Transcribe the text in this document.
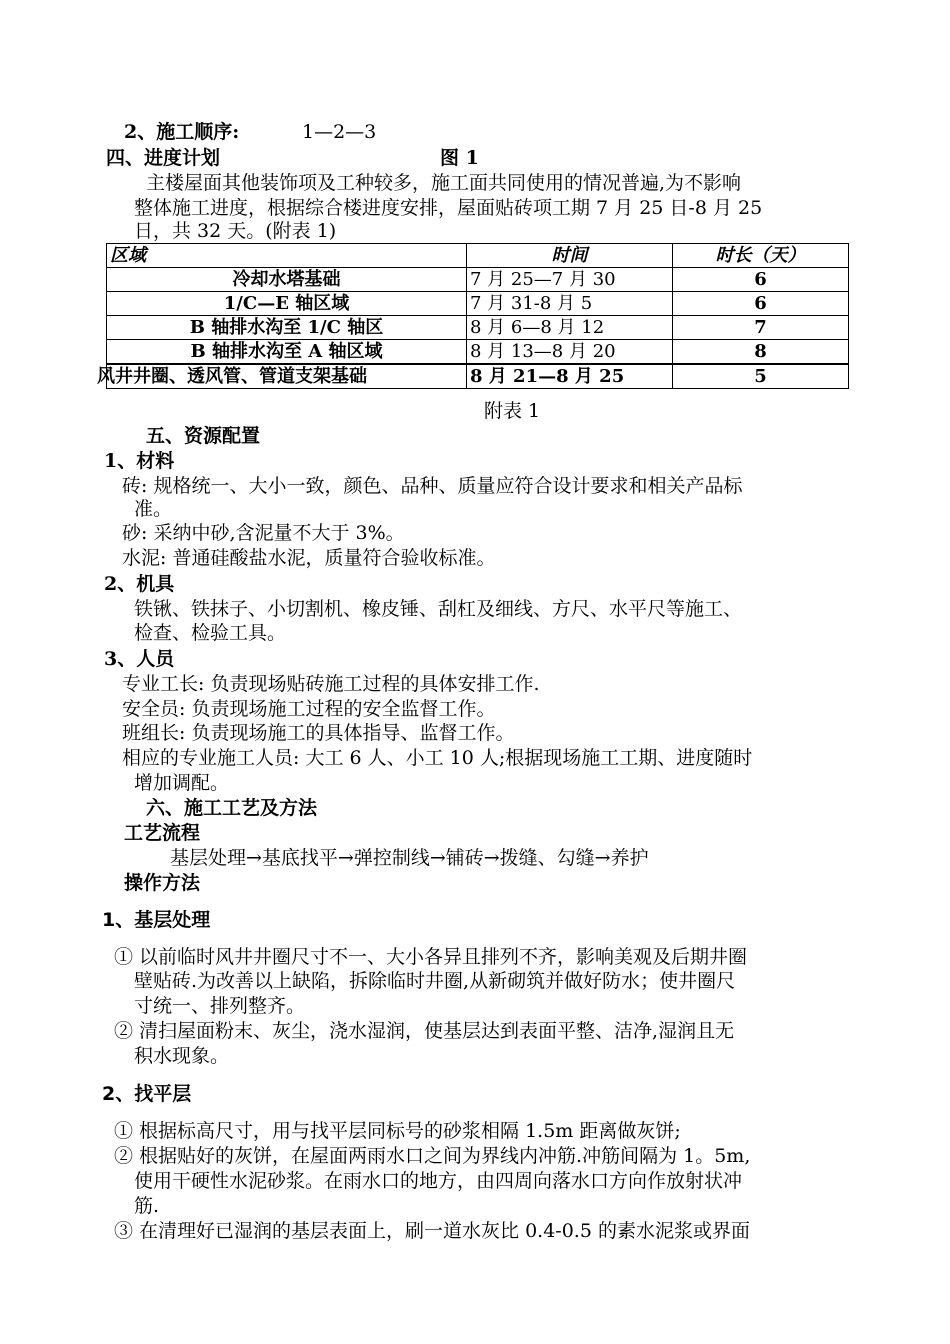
2、施工顺序:	1—2—3
四、进度计划	图 1
主楼屋面其他装饰项及工种较多，施工面共同使用的情况普遍,为不影响
整体施工进度，根据综合楼进度安排，屋面贴砖项工期 7 月 25 日-8 月 25
日，共 32 天。(附表 1)
区域	时间	时长（天）
冷却水塔基础	7 月 25—7 月 30	6
1/C—E 轴区域	7 月 31-8 月 5	6
B 轴排水沟至 1/C 轴区	8 月 6—8 月 12	7
B 轴排水沟至 A 轴区域	8 月 13—8 月 20	8
风井井圈、透风管、管道支架基础	8 月 21—8 月 25	5
附表 1
五、资源配置
1、材料
砖: 规格统一、大小一致，颜色、品种、质量应符合设计要求和相关产品标
准。
砂: 采纳中砂,含泥量不大于 3%。
水泥: 普通硅酸盐水泥，质量符合验收标准。
2、机具
铁锹、铁抹子、小切割机、橡皮锤、刮杠及细线、方尺、水平尺等施工、
检查、检验工具。
3、人员
专业工长: 负责现场贴砖施工过程的具体安排工作.
安全员: 负责现场施工过程的安全监督工作。
班组长: 负责现场施工的具体指导、监督工作。
相应的专业施工人员: 大工 6 人、小工 10 人;根据现场施工工期、进度随时
增加调配。
六、施工工艺及方法
工艺流程
基层处理→基底找平→弹控制线→铺砖→拨缝、勾缝→养护
操作方法
1、基层处理
① 以前临时风井井圈尺寸不一、大小各异且排列不齐，影响美观及后期井圈
壁贴砖.为改善以上缺陷，拆除临时井圈,从新砌筑并做好防水；使井圈尺
寸统一、排列整齐。
② 清扫屋面粉末、灰尘，浇水湿润，使基层达到表面平整、洁净,湿润且无
积水现象。
2、找平层
① 根据标高尺寸，用与找平层同标号的砂浆相隔 1.5m 距离做灰饼;
② 根据贴好的灰饼，在屋面两雨水口之间为界线内冲筋.冲筋间隔为 1。5m,
使用干硬性水泥砂浆。在雨水口的地方，由四周向落水口方向作放射状冲
筋.
③ 在清理好已湿润的基层表面上，刷一道水灰比 0.4-0.5 的素水泥浆或界面
